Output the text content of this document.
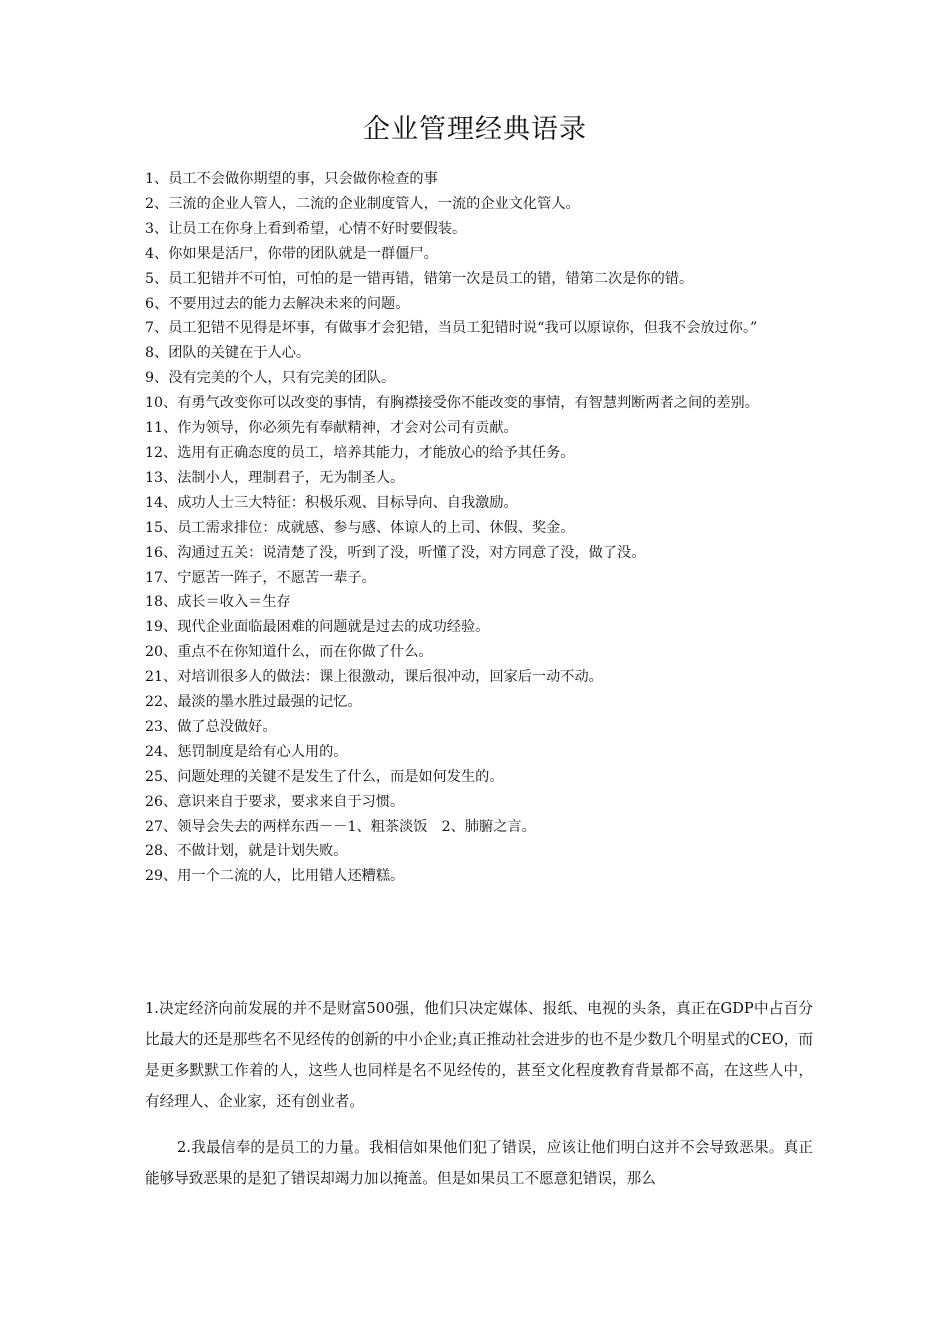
企业管理经典语录
1、员工不会做你期望的事，只会做你检查的事
2、三流的企业人管人，二流的企业制度管人，一流的企业文化管人。
3、让员工在你身上看到希望，心情不好时要假装。
4、你如果是活尸，你带的团队就是一群僵尸。
5、员工犯错并不可怕，可怕的是一错再错，错第一次是员工的错，错第二次是你的错。
6、不要用过去的能力去解决未来的问题。
7、员工犯错不见得是坏事，有做事才会犯错，当员工犯错时说“我可以原谅你，但我不会放过你。”
8、团队的关键在于人心。
9、没有完美的个人，只有完美的团队。
10、有勇气改变你可以改变的事情，有胸襟接受你不能改变的事情，有智慧判断两者之间的差别。
11、作为领导，你必须先有奉献精神，才会对公司有贡献。
12、选用有正确态度的员工，培养其能力，才能放心的给予其任务。
13、法制小人，理制君子，无为制圣人。
14、成功人士三大特征：积极乐观、目标导向、自我激励。
15、员工需求排位：成就感、参与感、体谅人的上司、休假、奖金。
16、沟通过五关：说清楚了没，听到了没，听懂了没，对方同意了没，做了没。
17、宁愿苦一阵子，不愿苦一辈子。
18、成长＝收入＝生存
19、现代企业面临最困难的问题就是过去的成功经验。
20、重点不在你知道什么，而在你做了什么。
21、对培训很多人的做法：课上很激动，课后很冲动，回家后一动不动。
22、最淡的墨水胜过最强的记忆。
23、做了总没做好。
24、惩罚制度是给有心人用的。
25、问题处理的关键不是发生了什么，而是如何发生的。
26、意识来自于要求，要求来自于习惯。
27、领导会失去的两样东西－－1、粗茶淡饭　2、肺腑之言。
28、不做计划，就是计划失败。
29、用一个二流的人，比用错人还糟糕。

1.决定经济向前发展的并不是财富500强，他们只决定媒体、报纸、电视的头条，真正在GDP中占百分比最大的还是那些名不见经传的创新的中小企业;真正推动社会进步的也不是少数几个明星式的CEO，而是更多默默工作着的人，这些人也同样是名不见经传的，甚至文化程度教育背景都不高，在这些人中，有经理人、企业家，还有创业者。

2.我最信奉的是员工的力量。我相信如果他们犯了错误，应该让他们明白这并不会导致恶果。真正能够导致恶果的是犯了错误却竭力加以掩盖。但是如果员工不愿意犯错误，那么
